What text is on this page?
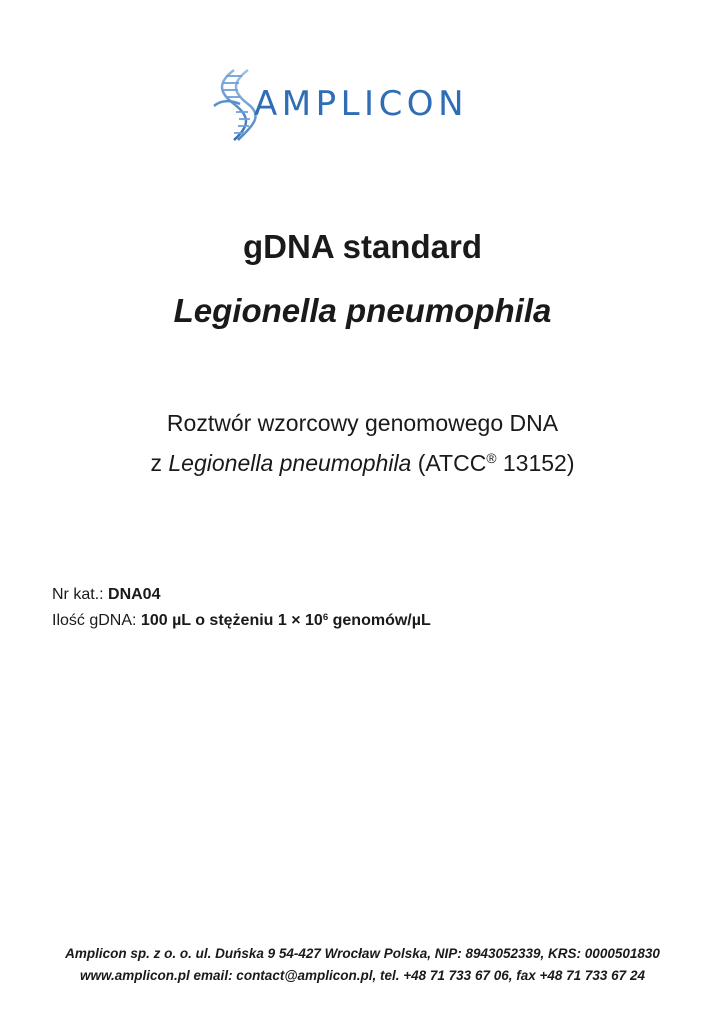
AMPLICON
gDNA standard
Legionella pneumophila
Roztwór wzorcowy genomowego DNA
z Legionella pneumophila (ATCC® 13152)
Nr kat.: DNA04
Ilość gDNA: 100 µL o stężeniu $1 \times 10^6$ genomów/µL
Amplicon sp. z o. o. ul. Duńska 9 54-427 Wrocław Polska, NIP: 8943052339, KRS: 0000501830
www.amplicon.pl email: contact@amplicon.pl, tel. +48 71 733 67 06, fax +48 71 733 67 24
